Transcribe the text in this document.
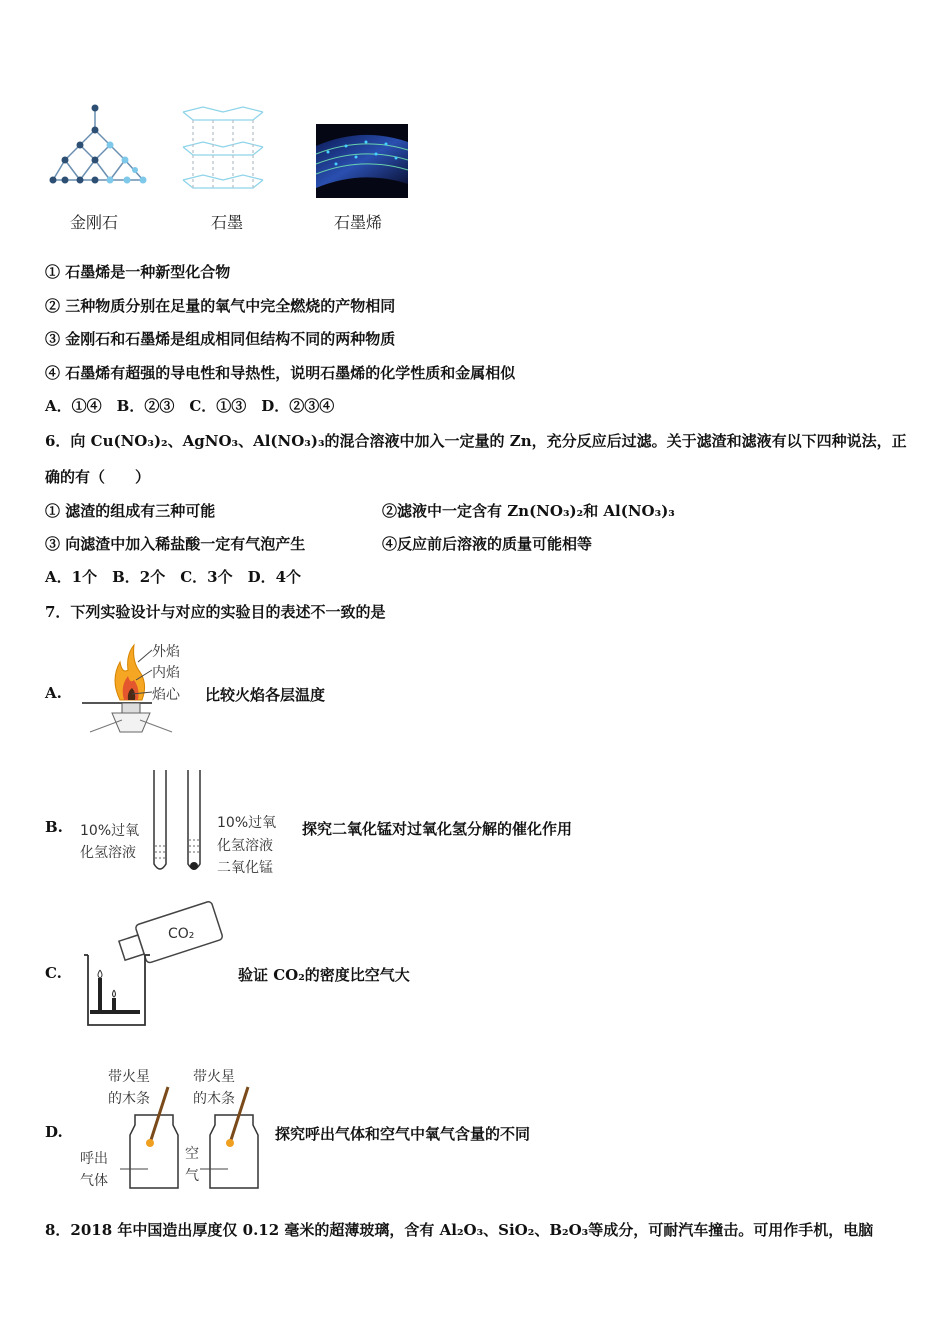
金刚石	石墨	石墨烯
① 石墨烯是一种新型化合物
② 三种物质分别在足量的氧气中完全燃烧的产物相同
③ 金刚石和石墨烯是组成相同但结构不同的两种物质
④ 石墨烯有超强的导电性和导热性，说明石墨烯的化学性质和金属相似
A．①④　B．②③　C．①③　D．②③④
6．向 Cu(NO₃)₂、AgNO₃、Al(NO₃)₃的混合溶液中加入一定量的 Zn，充分反应后过滤。关于滤渣和滤液有以下四种说法，正
确的有（　　）
① 滤渣的组成有三种可能	②滤液中一定含有 Zn(NO₃)₂和 Al(NO₃)₃
③ 向滤渣中加入稀盐酸一定有气泡产生	④反应前后溶液的质量可能相等
A．1个　B．2个　C．3个　D．4个
7．下列实验设计与对应的实验目的表述不一致的是
A.
外焰
内焰
焰心 比较火焰各层温度
B. 10%过氧
化氢溶液
10%过氧
化氢溶液
二氧化锰
探究二氧化锰对过氧化氢分解的催化作用
C.
CO₂
验证 CO₂的密度比空气大
D.
带火星
的木条
带火星
的木条
呼出
气体
空
气
探究呼出气体和空气中氧气含量的不同
8．2018 年中国造出厚度仅 0.12 毫米的超薄玻璃，含有 Al₂O₃、SiO₂、B₂O₃等成分，可耐汽车撞击。可用作手机，电脑
